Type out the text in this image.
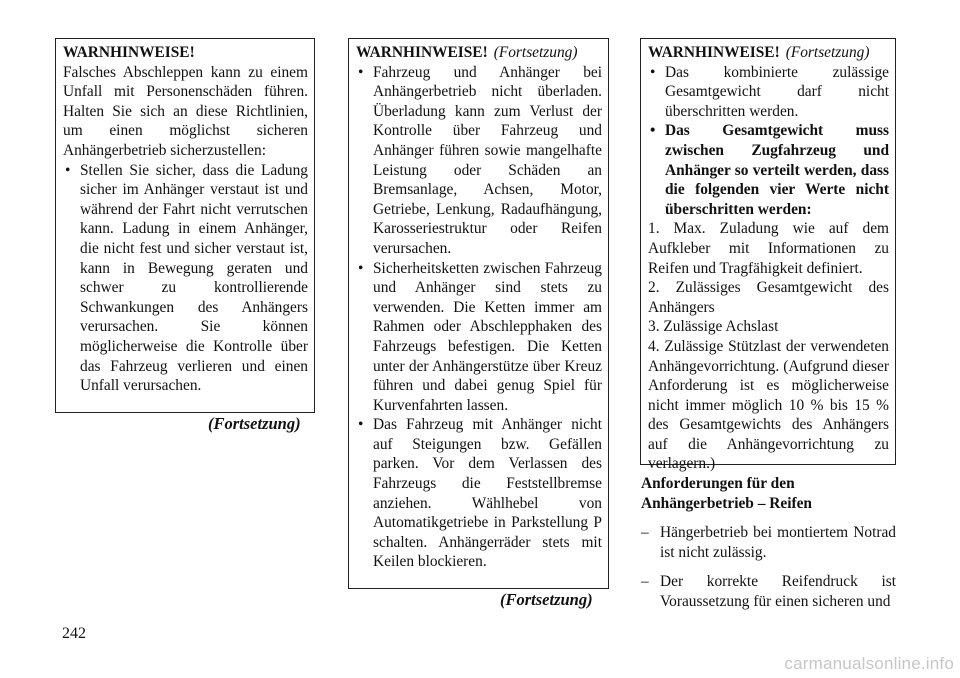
WARNHINWEISE!
Falsches Abschleppen kann zu einem Unfall mit Personenschäden führen. Halten Sie sich an diese Richtlinien, um einen möglichst sicheren Anhängerbetrieb sicherzustellen:
• Stellen Sie sicher, dass die Ladung sicher im Anhänger verstaut ist und während der Fahrt nicht verrutschen kann. Ladung in einem Anhänger, die nicht fest und sicher verstaut ist, kann in Bewegung geraten und schwer zu kontrollierende Schwankungen des Anhängers verursachen. Sie können möglicherweise die Kontrolle über das Fahrzeug verlieren und einen Unfall verursachen.
(Fortsetzung)
WARNHINWEISE! (Fortsetzung)
• Fahrzeug und Anhänger bei Anhängerbetrieb nicht überladen. Überladung kann zum Verlust der Kontrolle über Fahrzeug und Anhänger führen sowie mangelhafte Leistung oder Schäden an Bremsanlage, Achsen, Motor, Getriebe, Lenkung, Radaufhängung, Karosseriestruktur oder Reifen verursachen.
• Sicherheitsketten zwischen Fahrzeug und Anhänger sind stets zu verwenden. Die Ketten immer am Rahmen oder Abschlepphaken des Fahrzeugs befestigen. Die Ketten unter der Anhängerstütze über Kreuz führen und dabei genug Spiel für Kurvenfahrten lassen.
• Das Fahrzeug mit Anhänger nicht auf Steigungen bzw. Gefällen parken. Vor dem Verlassen des Fahrzeugs die Feststellbremse anziehen. Wählhebel von Automatikgetriebe in Parkstellung P schalten. Anhängerräder stets mit Keilen blockieren.
(Fortsetzung)
WARNHINWEISE! (Fortsetzung)
• Das kombinierte zulässige Gesamtgewicht darf nicht überschritten werden.
• Das Gesamtgewicht muss zwischen Zugfahrzeug und Anhänger so verteilt werden, dass die folgenden vier Werte nicht überschritten werden:
1. Max. Zuladung wie auf dem Aufkleber mit Informationen zu Reifen und Tragfähigkeit definiert.
2. Zulässiges Gesamtgewicht des Anhängers
3. Zulässige Achslast
4. Zulässige Stützlast der verwendeten Anhängevorrichtung. (Aufgrund dieser Anforderung ist es möglicherweise nicht immer möglich 10 % bis 15 % des Gesamtgewichts des Anhängers auf die Anhängevorrichtung zu verlagern.)
Anforderungen für den
Anhängerbetrieb – Reifen
– Hängerbetrieb bei montiertem Notrad ist nicht zulässig.
– Der korrekte Reifendruck ist Voraussetzung für einen sicheren und
242
carmanualsonline.info
